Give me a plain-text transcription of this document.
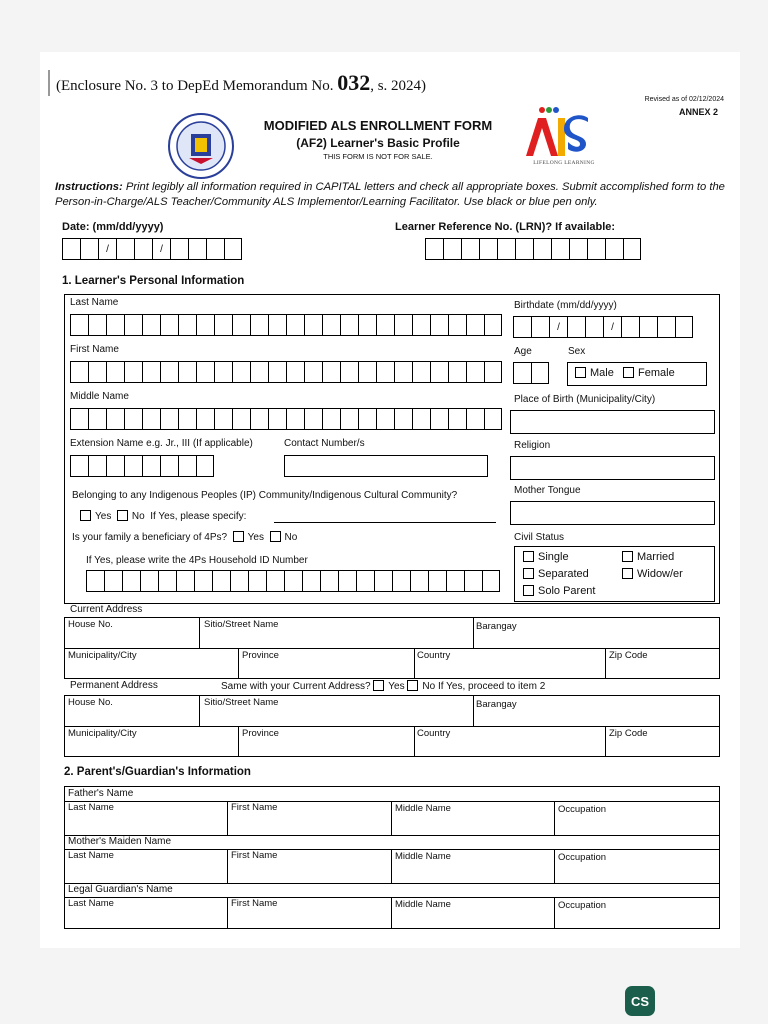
(Enclosure No. 3 to DepEd Memorandum No. 032, s. 2024)
Revised as of 02/12/2024
ANNEX 2
MODIFIED ALS ENROLLMENT FORM
(AF2) Learner's Basic Profile
THIS FORM IS NOT FOR SALE.
LIFELONG LEARNING
Instructions: Print legibly all information required in CAPITAL letters and check all appropriate boxes. Submit accomplished form to the Person-in-Charge/ALS Teacher/Community ALS Implementor/Learning Facilitator. Use black or blue pen only.
Date: (mm/dd/yyyy)
/	/
Learner Reference No. (LRN)? If available:
1. Learner's Personal Information
Last Name
First Name
Middle Name
Extension Name e.g. Jr., III (If applicable)	Contact Number/s
Belonging to any Indigenous Peoples (IP) Community/Indigenous Cultural Community?
Yes No If Yes, please specify:
Is your family a beneficiary of 4Ps? Yes No
If Yes, please write the 4Ps Household ID Number
Birthdate (mm/dd/yyyy)
/	/
Age	Sex
Male Female
Place of Birth (Municipality/City)
Religion
Mother Tongue
Civil Status
Single	Married
Separated	Widow/er
Solo Parent
Current Address
House No.	Sitio/Street Name	Barangay
Municipality/City	Province	Country	Zip Code
Permanent Address	Same with your Current Address? Yes No If Yes, proceed to item 2
House No.	Sitio/Street Name	Barangay
Municipality/City	Province	Country	Zip Code
2. Parent's/Guardian's Information
Father's Name
Last Name	First Name	Middle Name	Occupation
Mother's Maiden Name
Last Name	First Name	Middle Name	Occupation
Legal Guardian's Name
Last Name	First Name	Middle Name	Occupation
CS
